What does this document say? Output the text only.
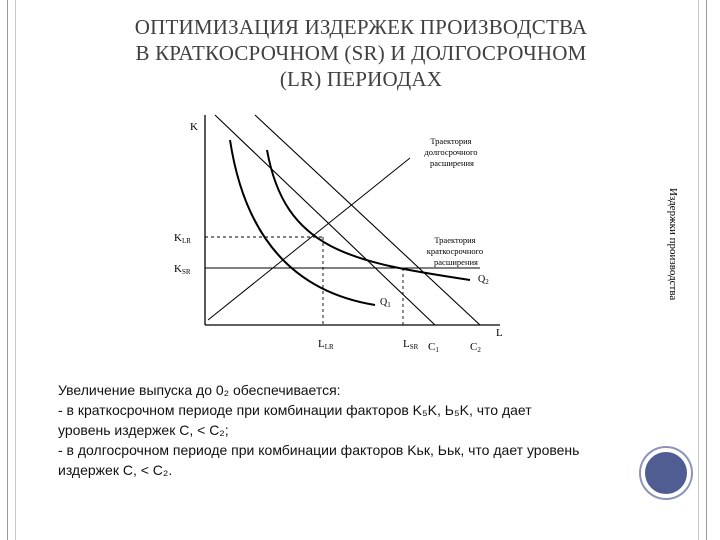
ОПТИМИЗАЦИЯ ИЗДЕРЖЕК ПРОИЗВОДСТВА
В КРАТКОСРОЧНОМ (SR) И ДОЛГОСРОЧНОМ
(LR) ПЕРИОДАХ
K
L
KLR
KSR
LLR	LSR C1	C2
$Q_1$
$Q_2$
Траектория долгосрочного расширения
Траектория краткосрочного расширения	Издержки производства
Увеличение выпуска до 0₂ обеспечивается:
- в краткосрочном периоде при комбинации факторов K₅K, Ь₅K, что дает
уровень издержек С, < С₂;
- в долгосрочном периоде при комбинации факторов Kьк, Ььк, что дает уровень
издержек С, < С₂.
